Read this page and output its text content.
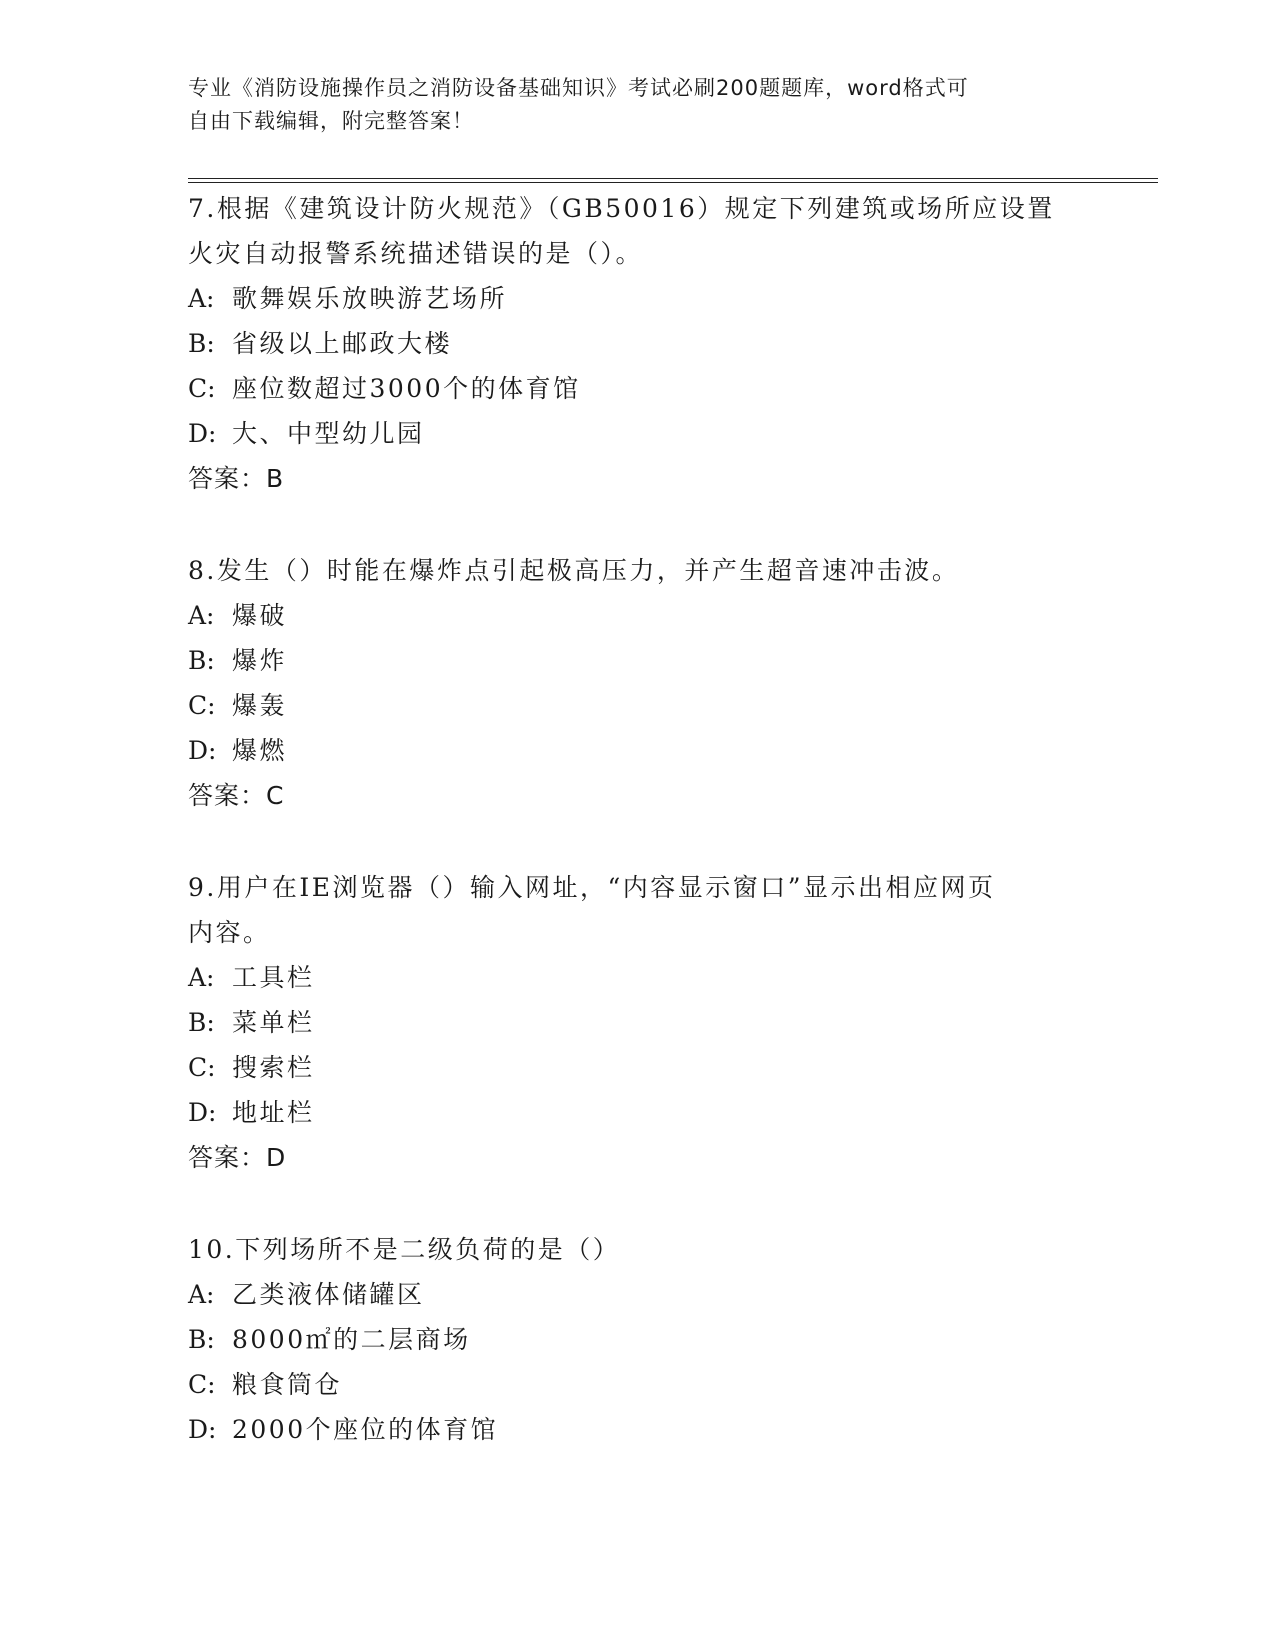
专业《消防设施操作员之消防设备基础知识》考试必刷200题题库，word格式可
自由下载编辑，附完整答案！

7.根据《建筑设计防火规范》（GB50016）规定下列建筑或场所应设置

火灾自动报警系统描述错误的是（）。

A: 歌舞娱乐放映游艺场所

B: 省级以上邮政大楼

C: 座位数超过3000个的体育馆

D: 大、中型幼儿园

答案：B

8.发生（）时能在爆炸点引起极高压力，并产生超音速冲击波。

A: 爆破

B: 爆炸

C: 爆轰

D: 爆燃

答案：C

9.用户在IE浏览器（）输入网址，“内容显示窗口”显示出相应网页

内容。

A: 工具栏

B: 菜单栏

C: 搜索栏

D: 地址栏

答案：D

10.下列场所不是二级负荷的是（）

A: 乙类液体储罐区

B: 8000㎡的二层商场

C: 粮食筒仓

D: 2000个座位的体育馆
